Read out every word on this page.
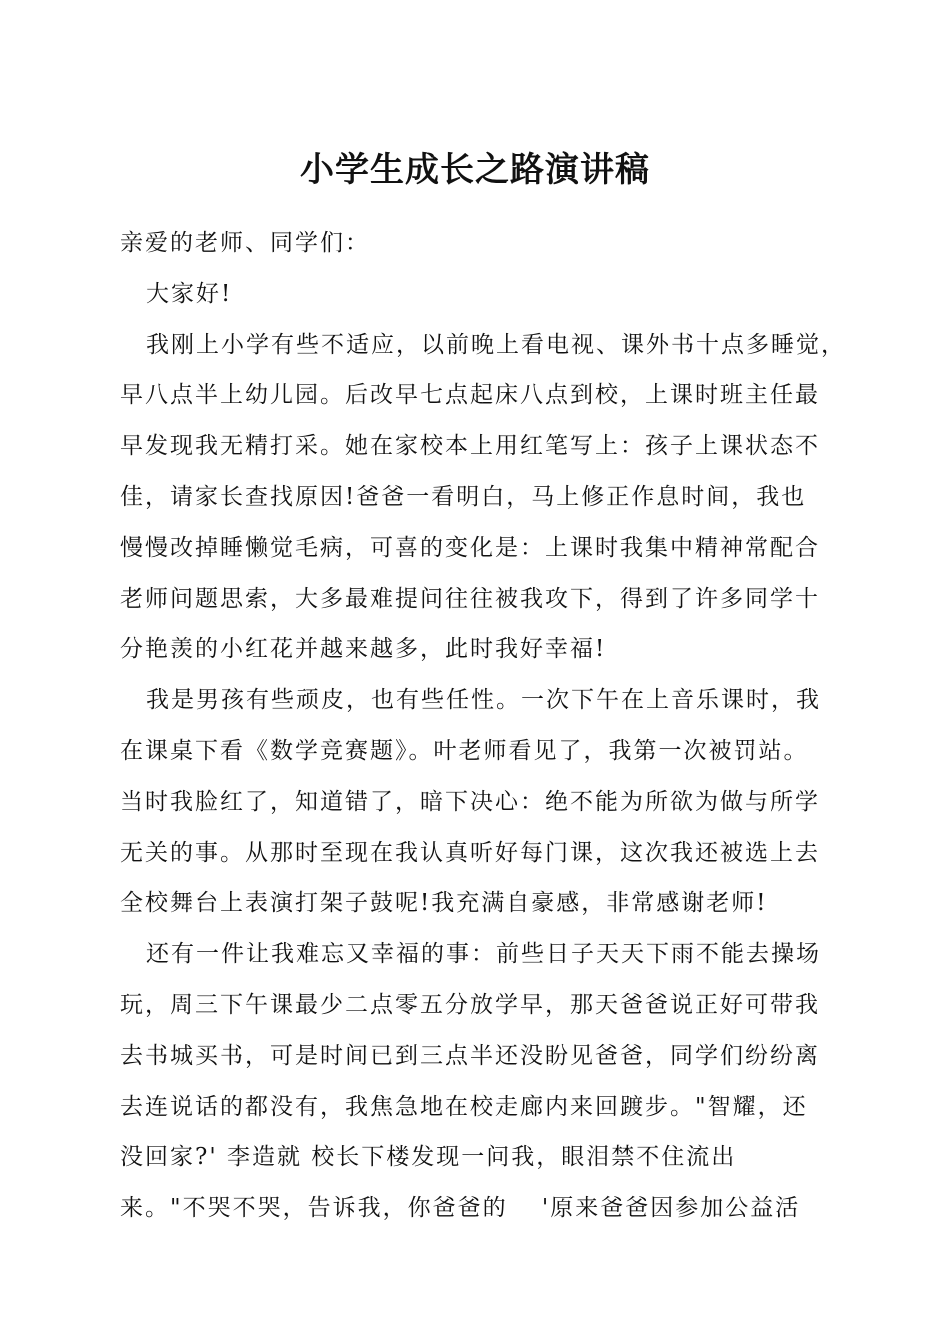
小学生成长之路演讲稿
亲爱的老师、同学们：
大家好!
我刚上小学有些不适应，以前晚上看电视、课外书十点多睡觉，
早八点半上幼儿园。后改早七点起床八点到校，上课时班主任最
早发现我无精打采。她在家校本上用红笔写上：孩子上课状态不
佳，请家长查找原因!爸爸一看明白，马上修正作息时间，我也
慢慢改掉睡懒觉毛病，可喜的变化是：上课时我集中精神常配合
老师问题思索，大多最难提问往往被我攻下，得到了许多同学十
分艳羡的小红花并越来越多，此时我好幸福!
我是男孩有些顽皮，也有些任性。一次下午在上音乐课时，我
在课桌下看《数学竞赛题》。叶老师看见了，我第一次被罚站。
当时我脸红了，知道错了，暗下决心：绝不能为所欲为做与所学
无关的事。从那时至现在我认真听好每门课，这次我还被选上去
全校舞台上表演打架子鼓呢!我充满自豪感，非常感谢老师!
还有一件让我难忘又幸福的事：前些日子天天下雨不能去操场
玩，周三下午课最少二点零五分放学早，那天爸爸说正好可带我
去书城买书，可是时间已到三点半还没盼见爸爸，同学们纷纷离
去连说话的都没有，我焦急地在校走廊内来回踱步。"智耀，还
没回家?' 李造就 校长下楼发现一问我，眼泪禁不住流出
来。"不哭不哭，告诉我，你爸爸的　 '原来爸爸因参加公益活
